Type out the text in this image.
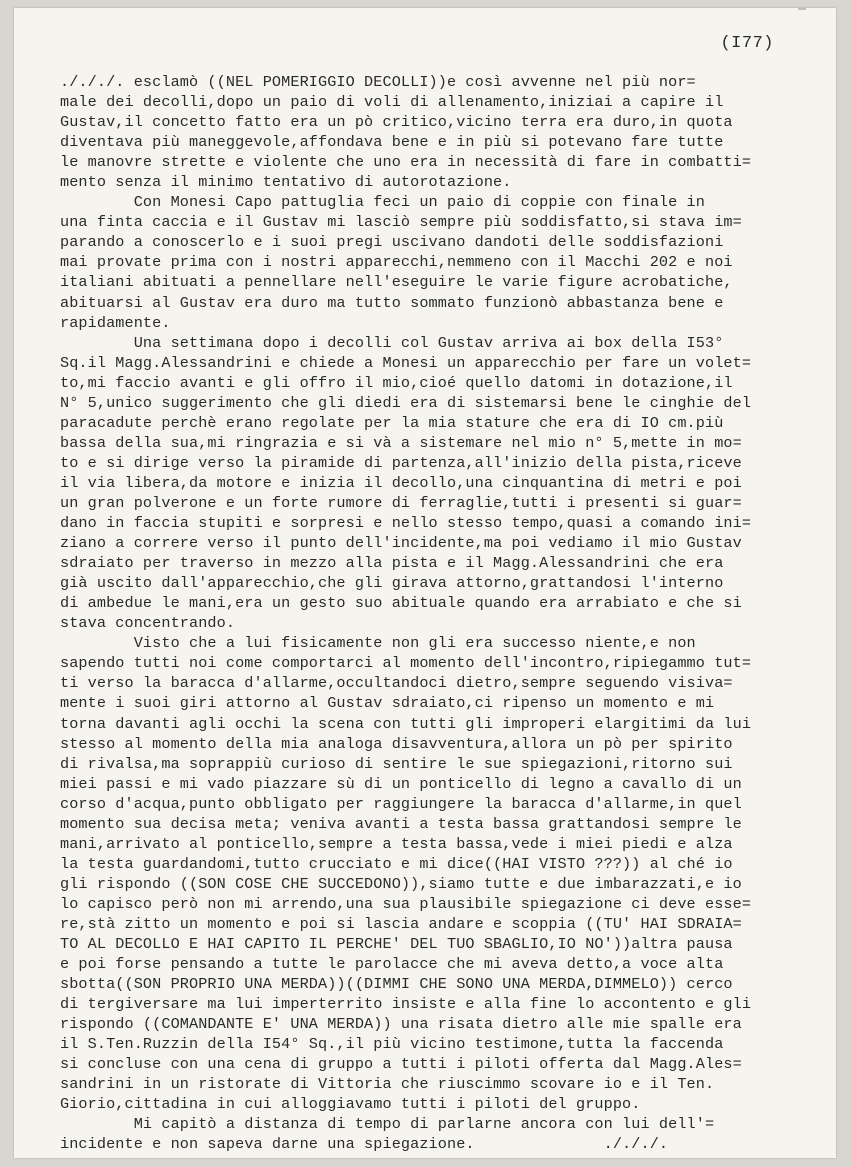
(I77)
./././. esclamò ((NEL POMERIGGIO DECOLLI))e così avvenne nel più nor=
male dei decolli,dopo un paio di voli di allenamento,iniziai a capire il
Gustav,il concetto fatto era un pò critico,vicino terra era duro,in quota
diventava più maneggevole,affondava bene e in più si potevano fare tutte
le manovre strette e violente che uno era in necessità di fare in combatti=
mento senza il minimo tentativo di autorotazione.
Con Monesi Capo pattuglia feci un paio di coppie con finale in
una finta caccia e il Gustav mi lasciò sempre più soddisfatto,si stava im=
parando a conoscerlo e i suoi pregi uscivano dandoti delle soddisfazioni
mai provate prima con i nostri apparecchi,nemmeno con il Macchi 202 e noi
italiani abituati a pennellare nell'eseguire le varie figure acrobatiche,
abituarsi al Gustav era duro ma tutto sommato funzionò abbastanza bene e
rapidamente.
Una settimana dopo i decolli col Gustav arriva ai box della I53°
Sq.il Magg.Alessandrini e chiede a Monesi un apparecchio per fare un volet=
to,mi faccio avanti e gli offro il mio,cioé quello datomi in dotazione,il
N° 5,unico suggerimento che gli diedi era di sistemarsi bene le cinghie del
paracadute perchè erano regolate per la mia stature che era di IO cm.più
bassa della sua,mi ringrazia e si và a sistemare nel mio n° 5,mette in mo=
to e si dirige verso la piramide di partenza,all'inizio della pista,riceve
il via libera,da motore e inizia il decollo,una cinquantina di metri e poi
un gran polverone e un forte rumore di ferraglie,tutti i presenti si guar=
dano in faccia stupiti e sorpresi e nello stesso tempo,quasi a comando ini=
ziano a correre verso il punto dell'incidente,ma poi vediamo il mio Gustav
sdraiato per traverso in mezzo alla pista e il Magg.Alessandrini che era
già uscito dall'apparecchio,che gli girava attorno,grattandosi l'interno
di ambedue le mani,era un gesto suo abituale quando era arrabiato e che si
stava concentrando.
Visto che a lui fisicamente non gli era successo niente,e non
sapendo tutti noi come comportarci al momento dell'incontro,ripiegammo tut=
ti verso la baracca d'allarme,occultandoci dietro,sempre seguendo visiva=
mente i suoi giri attorno al Gustav sdraiato,ci ripenso un momento e mi
torna davanti agli occhi la scena con tutti gli improperi elargitimi da lui
stesso al momento della mia analoga disavventura,allora un pò per spirito
di rivalsa,ma soprappiù curioso di sentire le sue spiegazioni,ritorno sui
miei passi e mi vado piazzare sù di un ponticello di legno a cavallo di un
corso d'acqua,punto obbligato per raggiungere la baracca d'allarme,in quel
momento sua decisa meta; veniva avanti a testa bassa grattandosi sempre le
mani,arrivato al ponticello,sempre a testa bassa,vede i miei piedi e alza
la testa guardandomi,tutto crucciato e mi dice((HAI VISTO ???)) al ché io
gli rispondo ((SON COSE CHE SUCCEDONO)),siamo tutte e due imbarazzati,e io
lo capisco però non mi arrendo,una sua plausibile spiegazione ci deve esse=
re,stà zitto un momento e poi si lascia andare e scoppia ((TU' HAI SDRAIA=
TO AL DECOLLO E HAI CAPITO IL PERCHE' DEL TUO SBAGLIO,IO NO'))altra pausa
e poi forse pensando a tutte le parolacce che mi aveva detto,a voce alta
sbotta((SON PROPRIO UNA MERDA))((DIMMI CHE SONO UNA MERDA,DIMMELO)) cerco
di tergiversare ma lui imperterrito insiste e alla fine lo accontento e gli
rispondo ((COMANDANTE E' UNA MERDA)) una risata dietro alle mie spalle era
il S.Ten.Ruzzin della I54° Sq.,il più vicino testimone,tutta la faccenda
si concluse con una cena di gruppo a tutti i piloti offerta dal Magg.Ales=
sandrini in un ristorate di Vittoria che riuscimmo scovare io e il Ten.
Giorio,cittadina in cui alloggiavamo tutti i piloti del gruppo.
Mi capitò a distanza di tempo di parlarne ancora con lui dell'=
incidente e non sapeva darne una spiegazione.              ./././.
